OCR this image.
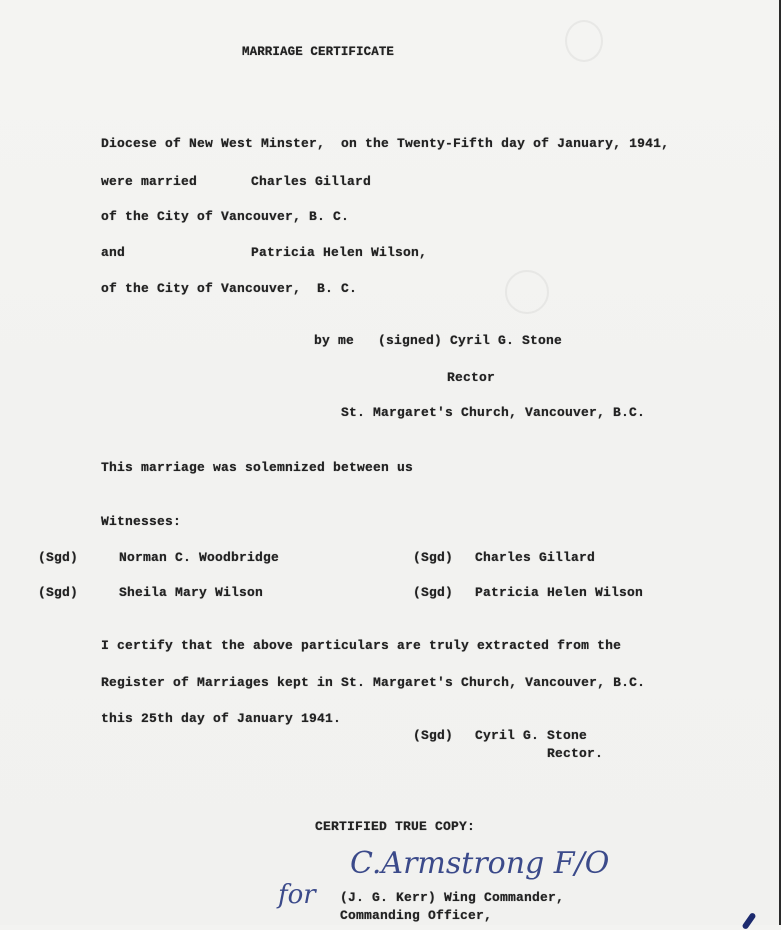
MARRIAGE CERTIFICATE
Diocese of New West Minster,  on the Twenty-Fifth day of January, 1941,
were married	Charles Gillard
of the City of Vancouver, B. C.
and	Patricia Helen Wilson,
of the City of Vancouver,  B. C.
by me   (signed) Cyril G. Stone
Rector
St. Margaret's Church, Vancouver, B.C.
This marriage was solemnized between us
Witnesses:
(Sgd)	Norman C. Woodbridge	(Sgd) Charles Gillard
(Sgd)	Sheila Mary Wilson	(Sgd) Patricia Helen Wilson
I certify that the above particulars are truly extracted from the
Register of Marriages kept in St. Margaret's Church, Vancouver, B.C.
this 25th day of January 1941.
(Sgd) Cyril G. Stone
Rector.
CERTIFIED TRUE COPY:
C.Armstrong F/O
for (J. G. Kerr) Wing Commander,
Commanding Officer,
